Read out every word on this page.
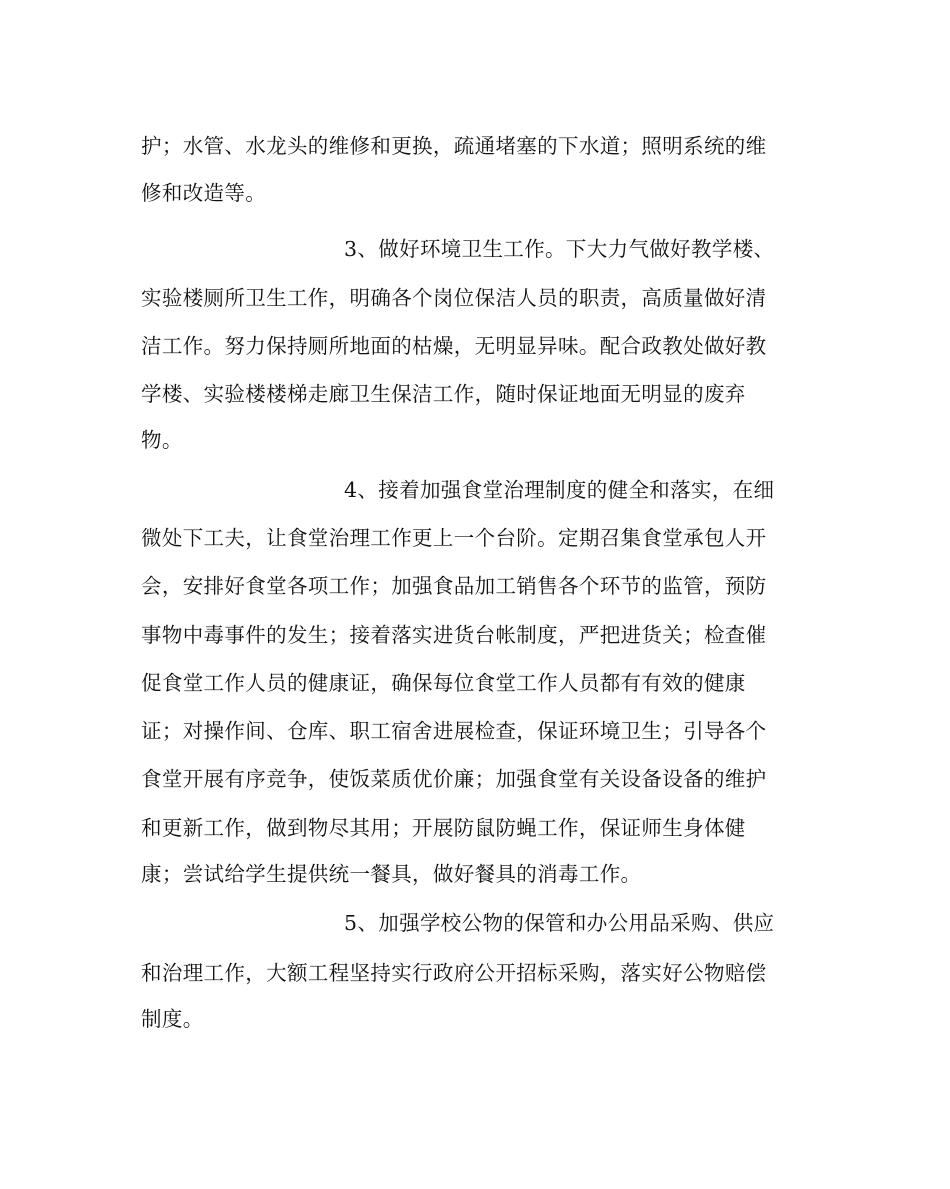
护；水管、水龙头的维修和更换，疏通堵塞的下水道；照明系统的维

修和改造等。

3、做好环境卫生工作。下大力气做好教学楼、

实验楼厕所卫生工作，明确各个岗位保洁人员的职责，高质量做好清

洁工作。努力保持厕所地面的枯燥，无明显异味。配合政教处做好教

学楼、实验楼楼梯走廊卫生保洁工作，随时保证地面无明显的废弃

物。

4、接着加强食堂治理制度的健全和落实，在细

微处下工夫，让食堂治理工作更上一个台阶。定期召集食堂承包人开

会，安排好食堂各项工作；加强食品加工销售各个环节的监管，预防

事物中毒事件的发生；接着落实进货台帐制度，严把进货关；检查催

促食堂工作人员的健康证，确保每位食堂工作人员都有有效的健康

证；对操作间、仓库、职工宿舍进展检查，保证环境卫生；引导各个

食堂开展有序竞争，使饭菜质优价廉；加强食堂有关设备设备的维护

和更新工作，做到物尽其用；开展防鼠防蝇工作，保证师生身体健

康；尝试给学生提供统一餐具，做好餐具的消毒工作。

5、加强学校公物的保管和办公用品采购、供应

和治理工作，大额工程坚持实行政府公开招标采购，落实好公物赔偿

制度。
